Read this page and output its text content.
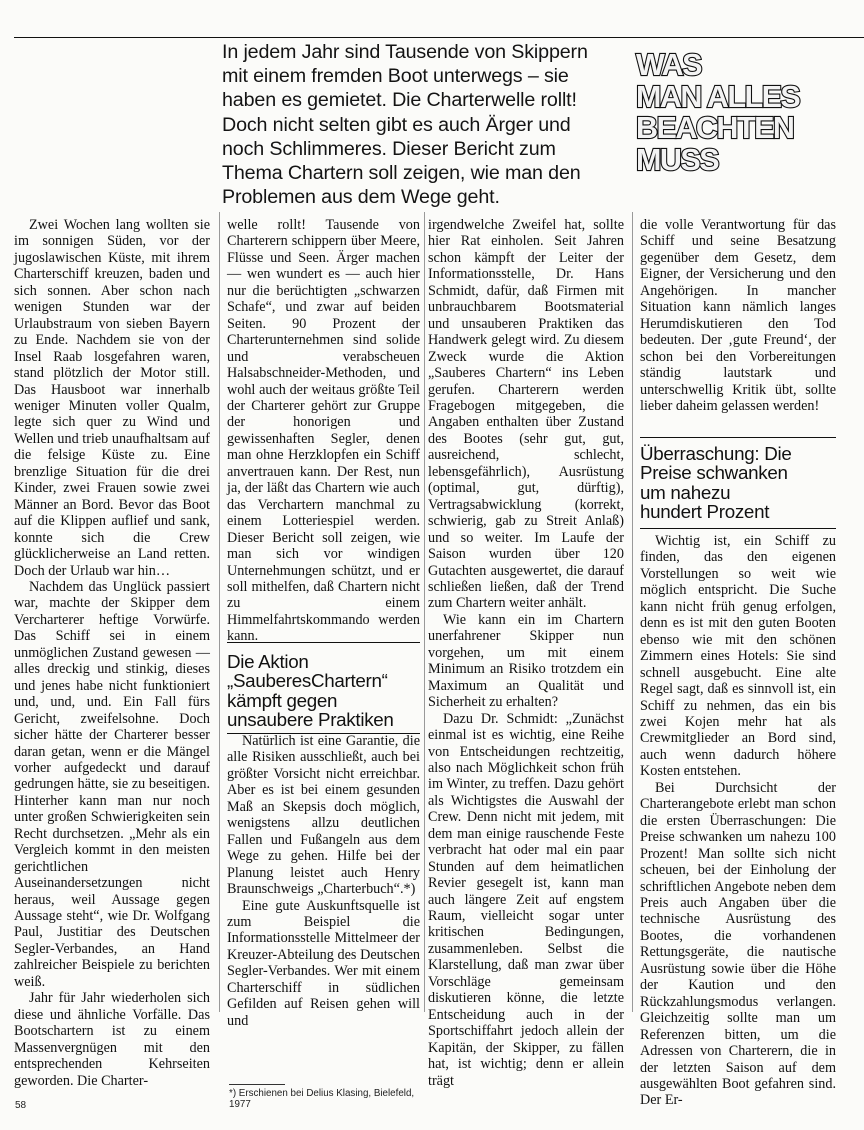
In jedem Jahr sind Tausende von Skippern
mit einem fremden Boot unterwegs – sie
haben es gemietet. Die Charterwelle rollt!
Doch nicht selten gibt es auch Ärger und
noch Schlimmeres. Dieser Bericht zum
Thema Chartern soll zeigen, wie man den
Problemen aus dem Wege geht.
WAS
MAN ALLES
BEACHTEN
MUSS

Zwei Wochen lang wollten sie im sonnigen Süden, vor der jugoslawischen Küste, mit ihrem Charterschiff kreuzen, baden und sich sonnen. Aber schon nach wenigen Stunden war der Urlaubstraum von sieben Bayern zu Ende. Nachdem sie von der Insel Raab losgefahren waren, stand plötzlich der Motor still. Das Hausboot war innerhalb weniger Minuten voller Qualm, legte sich quer zu Wind und Wellen und trieb unaufhaltsam auf die felsige Küste zu. Eine brenzlige Situation für die drei Kinder, zwei Frauen sowie zwei Männer an Bord. Bevor das Boot auf die Klippen auflief und sank, konnte sich die Crew glücklicherweise an Land retten. Doch der Urlaub war hin…

Nachdem das Unglück passiert war, machte der Skipper dem Vercharterer heftige Vorwürfe. Das Schiff sei in einem unmöglichen Zustand gewesen — alles dreckig und stinkig, dieses und jenes habe nicht funktioniert und, und, und. Ein Fall fürs Gericht, zweifelsohne. Doch sicher hätte der Charterer besser daran getan, wenn er die Mängel vorher aufgedeckt und darauf gedrungen hätte, sie zu beseitigen. Hinterher kann man nur noch unter großen Schwierigkeiten sein Recht durchsetzen. „Mehr als ein Vergleich kommt in den meisten gerichtlichen Auseinandersetzungen nicht heraus, weil Aussage gegen Aussage steht“, wie Dr. Wolfgang Paul, Justitiar des Deutschen Segler-Verbandes, an Hand zahlreicher Beispiele zu berichten weiß.

Jahr für Jahr wiederholen sich diese und ähnliche Vorfälle. Das Bootschartern ist zu einem Massenvergnügen mit den entsprechenden Kehrseiten geworden. Die Charter-

welle rollt! Tausende von Charterern schippern über Meere, Flüsse und Seen. Ärger machen — wen wundert es — auch hier nur die berüchtigten „schwarzen Schafe“, und zwar auf beiden Seiten. 90 Prozent der Charterunternehmen sind solide und verabscheuen Halsabschneider-Methoden, und wohl auch der weitaus größte Teil der Charterer gehört zur Gruppe der honorigen und gewissenhaften Segler, denen man ohne Herzklopfen ein Schiff anvertrauen kann. Der Rest, nun ja, der läßt das Chartern wie auch das Verchartern manchmal zu einem Lotteriespiel werden. Dieser Bericht soll zeigen, wie man sich vor windigen Unternehmungen schützt, und er soll mithelfen, daß Chartern nicht zu einem Himmelfahrtskommando werden kann.

Die Aktion
„SauberesChartern“
kämpft gegen
unsaubere Praktiken

Natürlich ist eine Garantie, die alle Risiken ausschließt, auch bei größter Vorsicht nicht erreichbar. Aber es ist bei einem gesunden Maß an Skepsis doch möglich, wenigstens allzu deutlichen Fallen und Fußangeln aus dem Wege zu gehen. Hilfe bei der Planung leistet auch Henry Braunschweigs „Charterbuch“.*)

Eine gute Auskunftsquelle ist zum Beispiel die Informationsstelle Mittelmeer der Kreuzer-Abteilung des Deutschen Segler-Verbandes. Wer mit einem Charterschiff in südlichen Gefilden auf Reisen gehen will und

*) Erschienen bei Delius Klasing, Bielefeld, 1977

irgendwelche Zweifel hat, sollte hier Rat einholen. Seit Jahren schon kämpft der Leiter der Informationsstelle, Dr. Hans Schmidt, dafür, daß Firmen mit unbrauchbarem Bootsmaterial und unsauberen Praktiken das Handwerk gelegt wird. Zu diesem Zweck wurde die Aktion „Sauberes Chartern“ ins Leben gerufen. Charterern werden Fragebogen mitgegeben, die Angaben enthalten über Zustand des Bootes (sehr gut, gut, ausreichend, schlecht, lebensgefährlich), Ausrüstung (optimal, gut, dürftig), Vertragsabwicklung (korrekt, schwierig, gab zu Streit Anlaß) und so weiter. Im Laufe der Saison wurden über 120 Gutachten ausgewertet, die darauf schließen ließen, daß der Trend zum Chartern weiter anhält.

Wie kann ein im Chartern unerfahrener Skipper nun vorgehen, um mit einem Minimum an Risiko trotzdem ein Maximum an Qualität und Sicherheit zu erhalten?

Dazu Dr. Schmidt: „Zunächst einmal ist es wichtig, eine Reihe von Entscheidungen rechtzeitig, also nach Möglichkeit schon früh im Winter, zu treffen. Dazu gehört als Wichtigstes die Auswahl der Crew. Denn nicht mit jedem, mit dem man einige rauschende Feste verbracht hat oder mal ein paar Stunden auf dem heimatlichen Revier gesegelt ist, kann man auch längere Zeit auf engstem Raum, vielleicht sogar unter kritischen Bedingungen, zusammenleben. Selbst die Klarstellung, daß man zwar über Vorschläge gemeinsam diskutieren könne, die letzte Entscheidung auch in der Sportschiffahrt jedoch allein der Kapitän, der Skipper, zu fällen hat, ist wichtig; denn er allein trägt

die volle Verantwortung für das Schiff und seine Besatzung gegenüber dem Gesetz, dem Eigner, der Versicherung und den Angehörigen. In mancher Situation kann nämlich langes Herumdiskutieren den Tod bedeuten. Der ‚gute Freund‘, der schon bei den Vorbereitungen ständig lautstark und unterschwellig Kritik übt, sollte lieber daheim gelassen werden!

Überraschung: Die
Preise schwanken
um nahezu
hundert Prozent

Wichtig ist, ein Schiff zu finden, das den eigenen Vorstellungen so weit wie möglich entspricht. Die Suche kann nicht früh genug erfolgen, denn es ist mit den guten Booten ebenso wie mit den schönen Zimmern eines Hotels: Sie sind schnell ausgebucht. Eine alte Regel sagt, daß es sinnvoll ist, ein Schiff zu nehmen, das ein bis zwei Kojen mehr hat als Crewmitglieder an Bord sind, auch wenn dadurch höhere Kosten entstehen.

Bei Durchsicht der Charterangebote erlebt man schon die ersten Überraschungen: Die Preise schwanken um nahezu 100 Prozent! Man sollte sich nicht scheuen, bei der Einholung der schriftlichen Angebote neben dem Preis auch Angaben über die technische Ausrüstung des Bootes, die vorhandenen Rettungsgeräte, die nautische Ausrüstung sowie über die Höhe der Kaution und den Rückzahlungsmodus verlangen. Gleichzeitig sollte man um Referenzen bitten, um die Adressen von Charterern, die in der letzten Saison auf dem ausgewählten Boot gefahren sind. Der Er-

58
